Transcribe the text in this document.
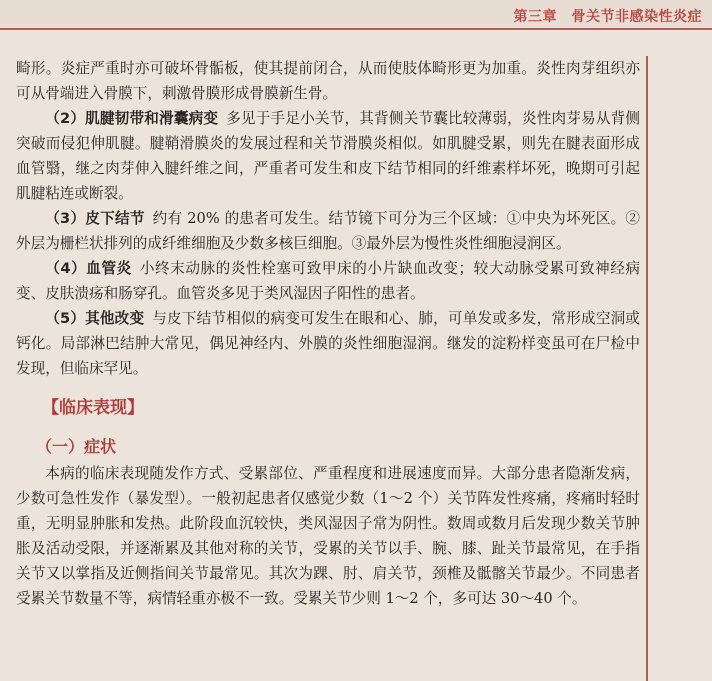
第三章　骨关节非感染性炎症

畸形。炎症严重时亦可破坏骨骺板，使其提前闭合，从而使肢体畸形更为加重。炎性肉芽组织亦可从骨端进入骨膜下，刺激骨膜形成骨膜新生骨。

（2）肌腱韧带和滑囊病变 多见于手足小关节，其背侧关节囊比较薄弱，炎性肉芽易从背侧突破而侵犯伸肌腱。腱鞘滑膜炎的发展过程和关节滑膜炎相似。如肌腱受累，则先在腱表面形成血管翳，继之肉芽伸入腱纤维之间，严重者可发生和皮下结节相同的纤维素样坏死，晚期可引起肌腱粘连或断裂。

（3）皮下结节 约有 20% 的患者可发生。结节镜下可分为三个区域：①中央为坏死区。②外层为栅栏状排列的成纤维细胞及少数多核巨细胞。③最外层为慢性炎性细胞浸润区。

（4）血管炎 小终末动脉的炎性栓塞可致甲床的小片缺血改变；较大动脉受累可致神经病变、皮肤溃疡和肠穿孔。血管炎多见于类风湿因子阳性的患者。

（5）其他改变 与皮下结节相似的病变可发生在眼和心、肺，可单发或多发，常形成空洞或钙化。局部淋巴结肿大常见，偶见神经内、外膜的炎性细胞湿润。继发的淀粉样变虽可在尸检中发现，但临床罕见。

【临床表现】
（一）症状

本病的临床表现随发作方式、受累部位、严重程度和进展速度而异。大部分患者隐渐发病，少数可急性发作（暴发型）。一般初起患者仅感觉少数（1～2 个）关节阵发性疼痛，疼痛时轻时重，无明显肿胀和发热。此阶段血沉较快，类风湿因子常为阴性。数周或数月后发现少数关节肿胀及活动受限，并逐渐累及其他对称的关节，受累的关节以手、腕、膝、趾关节最常见，在手指关节又以掌指及近侧指间关节最常见。其次为踝、肘、肩关节，颈椎及骶髂关节最少。不同患者受累关节数量不等，病情轻重亦极不一致。受累关节少则 1～2 个，多可达 30～40 个。
